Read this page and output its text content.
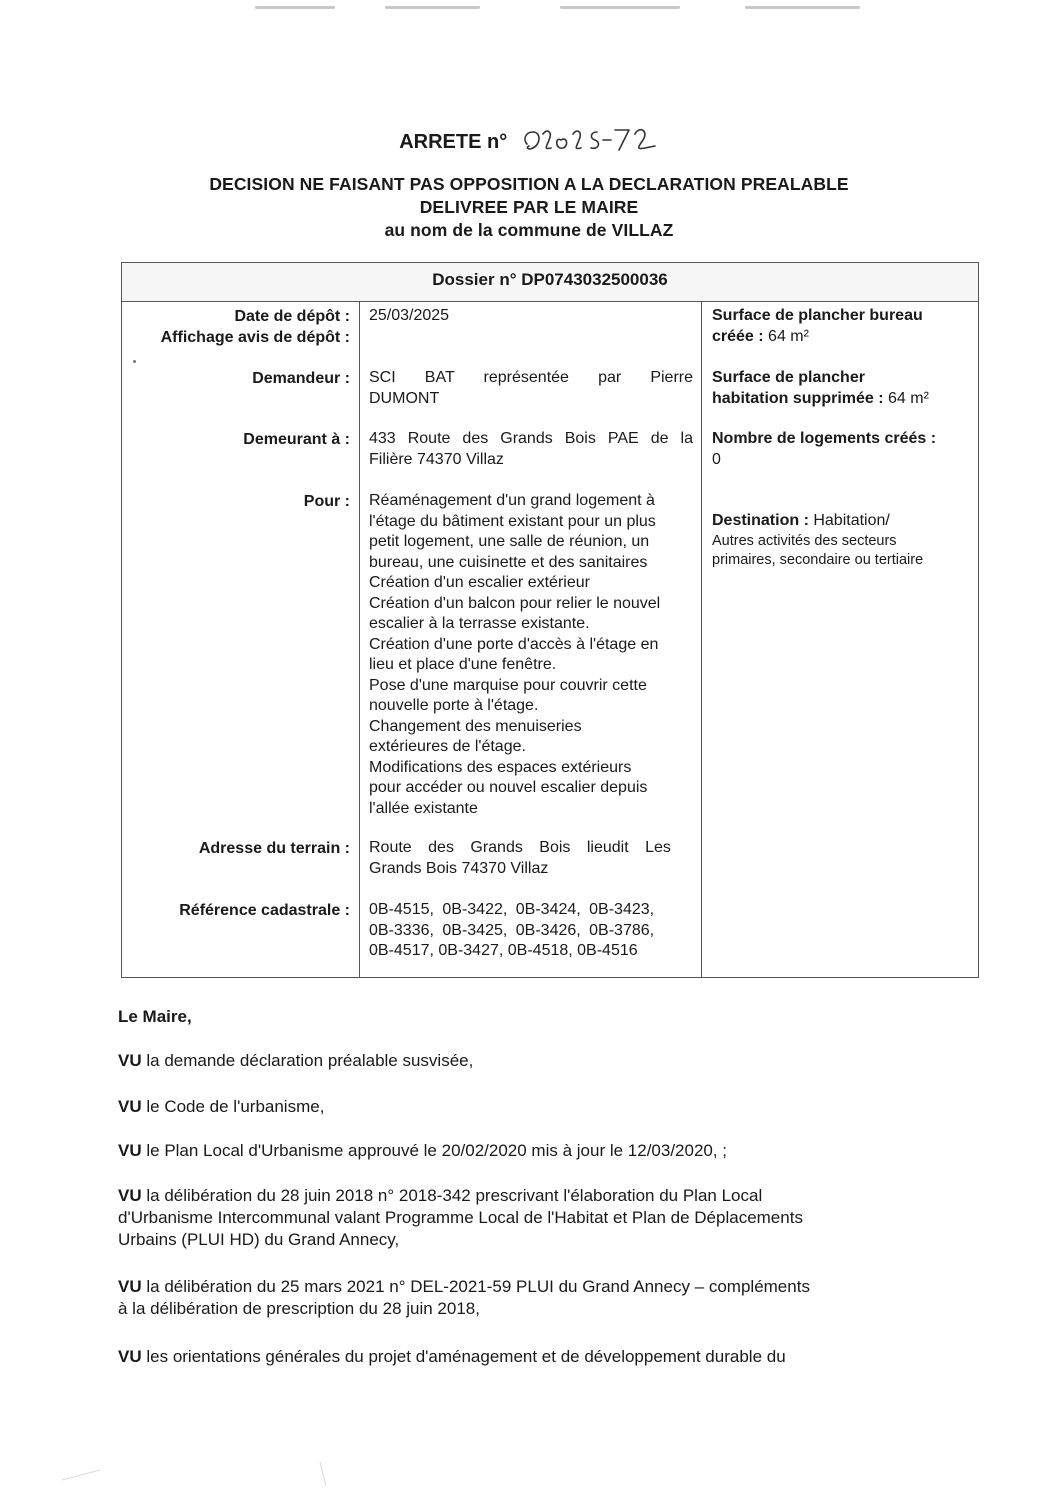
ARRETE n°
DECISION NE FAISANT PAS OPPOSITION A LA DECLARATION PREALABLE
DELIVREE PAR LE MAIRE
au nom de la commune de VILLAZ
Dossier n° DP0743032500036
Date de dépôt :
Affichage avis de dépôt :
Demandeur :
Demeurant à :
Pour :
Adresse du terrain :
Référence cadastrale :
25/03/2025
SCI BAT représentée par Pierre
DUMONT
433 Route des Grands Bois PAE de la
Filière 74370 Villaz
Réaménagement d'un grand logement à
l'étage du bâtiment existant pour un plus
petit logement, une salle de réunion, un
bureau, une cuisinette et des sanitaires
Création d'un escalier extérieur
Création d'un balcon pour relier le nouvel
escalier à la terrasse existante.
Création d'une porte d'accès à l'étage en
lieu et place d'une fenêtre.
Pose d'une marquise pour couvrir cette
nouvelle porte à l'étage.
Changement des menuiseries
extérieures de l'étage.
Modifications des espaces extérieurs
pour accéder ou nouvel escalier depuis
l'allée existante
Route des Grands Bois lieudit Les
Grands Bois 74370 Villaz
0B-4515, 0B-3422, 0B-3424, 0B-3423,
0B-3336, 0B-3425, 0B-3426, 0B-3786,
0B-4517, 0B-3427, 0B-4518, 0B-4516
Surface de plancher bureau
créée : 64 m²
Surface de plancher
habitation supprimée : 64 m²
Nombre de logements créés :
0
Destination : Habitation/
Autres activités des secteurs
primaires, secondaire ou tertiaire
Le Maire,
VU la demande déclaration préalable susvisée,
VU le Code de l'urbanisme,
VU le Plan Local d'Urbanisme approuvé le 20/02/2020 mis à jour le 12/03/2020, ;
VU la délibération du 28 juin 2018 n° 2018-342 prescrivant l'élaboration du Plan Local
d'Urbanisme Intercommunal valant Programme Local de l'Habitat et Plan de Déplacements
Urbains (PLUI HD) du Grand Annecy,
VU la délibération du 25 mars 2021 n° DEL-2021-59 PLUI du Grand Annecy – compléments
à la délibération de prescription du 28 juin 2018,
VU les orientations générales du projet d'aménagement et de développement durable du
